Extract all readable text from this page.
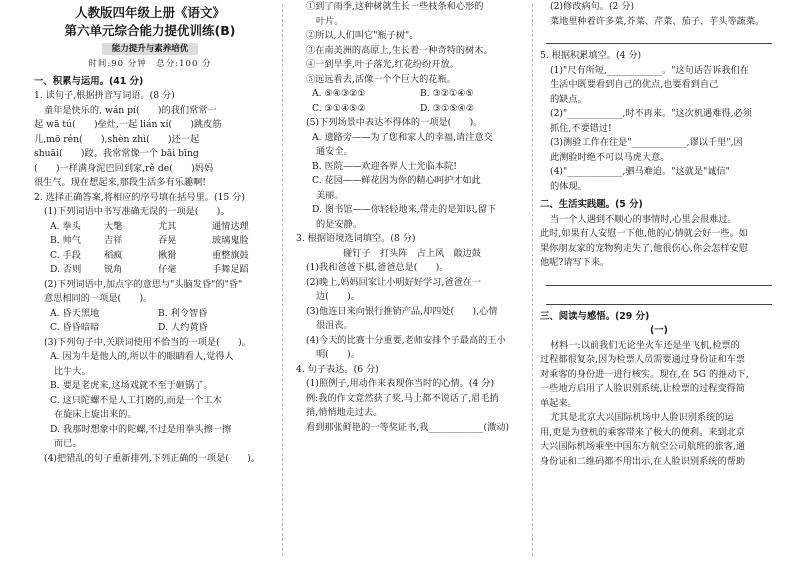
人教版四年级上册《语文》
第六单元综合能力提优训练(B)
能力提升与素养培优
时间:90 分钟　总分:100 分
一、积累与运用。(41 分)
1. 读句子,根据拼音写词语。(8 分)
童年是快乐的, wán pí(　　)的我们常常一
起 wā tú(　　)垒灶,一起 lián xí(　　)跳皮筋
儿,mō rén(　　),shèn zhì(　　)还一起
shuāi(　　)跤。我常常像一个 bāi bīng
(　　)一样满身泥巴回到家,rě de(　　)妈妈
很生气。现在想起来,那段生活多有乐趣啊!
2. 选择正确答案,将相应的序号填在括号里。(15 分)
(1)下列词语中书写准确无误的一项是(　　)。
A. 拳头	大氅	尤其	通情达理
B. 帅气	吉祥	吞晃	玻璃鬼脸
C. 手段	稻疯	揪猾	重整旗鼓
D. 否则	锐角	仔毫	手舞足蹈
(2)下列词语中,加点字的意思与"头脑发昏"的"昏"
意思相同的一项是(　　)。
A. 昏天黑地	B. 利令智昏
C. 昏昏暗暗	D. 人约黄昏
(3)下列句子中,关联词使用不恰当的一项是(　　)。
A. 因为牛是他人的,所以牛的眼睛看人,觉得人
比牛大。
B. 要是老虎来,这场戏就不至于砸锅了。
C. 这只陀螺不是人工打磨的,而是一个工木
在旋床上旋出来的。
D. 我那时想象中的陀螺,不过是用拳头擦一擦
而已。
(4)把错乱的句子重新排列,下列正确的一项是(　　)。
①到了雨季,这种树就生长一些枝条和心形的
叶片。
②所以,人们叫它"瓶子树"。
③在南美洲的高原上,生长着一种奇特的树木。
④一到旱季,叶子落光,红花纷纷开放。
⑤远远看去,活像一个个巨大的花瓶。
A. ⑤④③②①	B. ③②①④⑤
C. ③①④⑤②	D. ③①⑤④②
(5)下列场景中表达不得体的一项是(　　)。
A. 遗路旁——为了您和家人的幸福,请注意交
通安全。
B. 医院——欢迎各界人士光临本院!
C. 花园——鲜花因为你的精心呵护才如此
美丽。
D. 图书馆——你轻轻地来,带走的是知识,留下
的是安静。
3. 根据语境选词填空。(8 分)
碰钉子　打头阵　占上风　敲边鼓
(1)我和爸爸下棋,爸爸总是(　　)。
(2)晚上,妈妈回家让小明好好学习,爸爸在一
边(　　)。
(3)他连日来向银行推销产品,却四处(　　),心情
很沮丧。
(4)今天的比赛十分重要,老师安排个子最高的王小
明(　　)。
4. 句子表达。(6 分)
(1)照例子,用动作来表现你当时的心情。(4 分)
例:我的作文竟然获了奖,马上都不说话了,眉毛捎
捎,悄悄地走过去。
看到那张鲜艳的一等奖证书,我____________(激动)
(2)修改病句。(2 分)
菜地里种着许多菜,芥菜、芹菜、茄子、芋头等蔬菜。
5. 根据积累填空。(4 分)
(1)"尺有所短,____________。"这句话告诉我们在
生活中既要看到自己的优点,也要看到自己
的缺点。
(2)"____________,时不再来。"这次机遇难得,必须
抓住,不要错过!
(3)测验工作在往是"____________,谬以千里",因
此测验时绝不可以马虎大意。
(4)"____________,驷马难追。"这就是"诚信"
的体现。
二、生活实践题。(5 分)
当一个人遇到不顺心的事情时,心里会很难过。
此时,如果有人安慰一下他,他的心情就会好一些。如
果你朋友家的宠物狗走失了,他很伤心,你会怎样安慰
他呢?请写下来。
三、阅读与感悟。(29 分)
(一)
材料一:以前我们无论坐火车还是坐飞机,检票的
过程都很复杂,因为检票人员需要通过身份证和车票
对乘客的身份进一进行核实。现在,在 5G 的推动下,
一些地方启用了人脸识别系统,让检票的过程变得简
单起来。
尤其是北京大兴国际机场中人脸识别系统的运
用,更是为登机的乘客带来了极大的便利。来到北京
大兴国际机场乘坐中国东方航空公司航班的旅客,通
身份证和二维码都不用出示,在人脸识别系统的帮助
